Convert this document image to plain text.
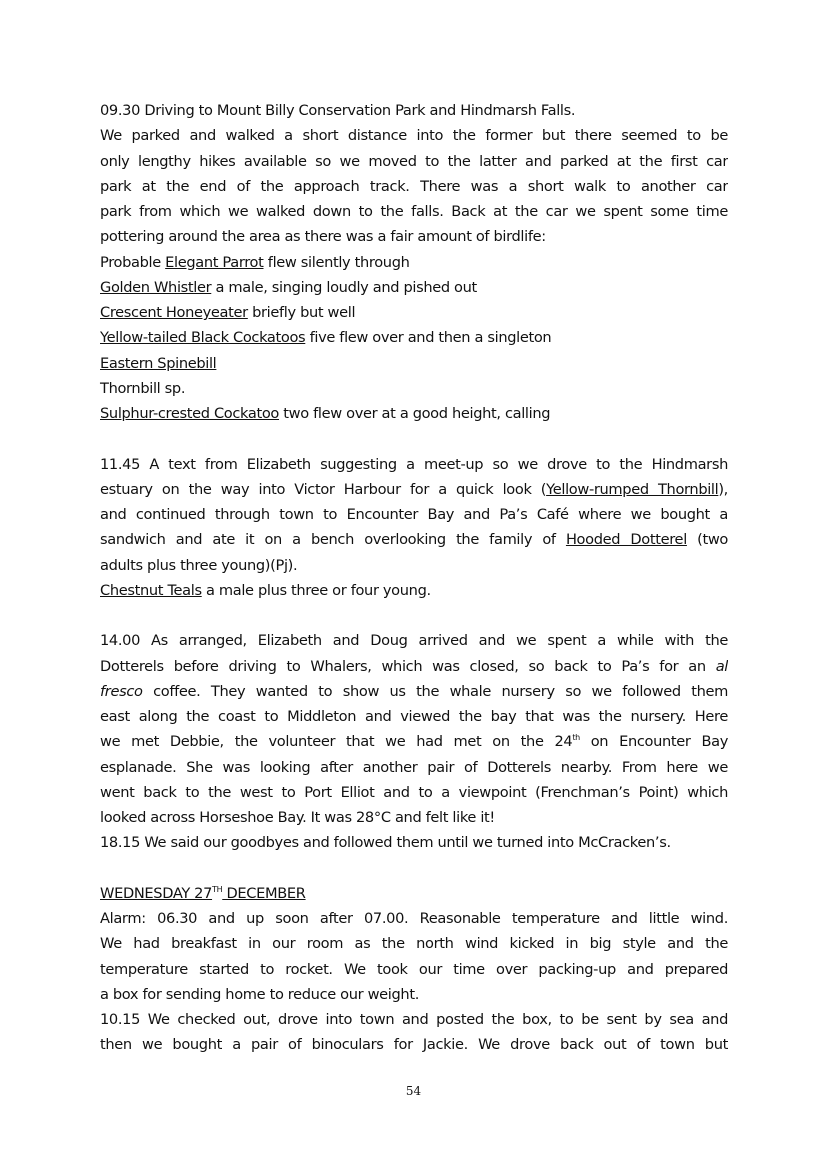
09.30 Driving to Mount Billy Conservation Park and Hindmarsh Falls.
We parked and walked a short distance into the former but there seemed to be
only lengthy hikes available so we moved to the latter and parked at the first car
park at the end of the approach track. There was a short walk to another car
park from which we walked down to the falls. Back at the car we spent some time
pottering around the area as there was a fair amount of birdlife:
Probable Elegant Parrot flew silently through
Golden Whistler a male, singing loudly and pished out
Crescent Honeyeater briefly but well
Yellow-tailed Black Cockatoos five flew over and then a singleton
Eastern Spinebill
Thornbill sp.
Sulphur-crested Cockatoo two flew over at a good height, calling
11.45 A text from Elizabeth suggesting a meet-up so we drove to the Hindmarsh
estuary on the way into Victor Harbour for a quick look (Yellow-rumped Thornbill),
and continued through town to Encounter Bay and Pa’s Café where we bought a
sandwich and ate it on a bench overlooking the family of Hooded Dotterel (two
adults plus three young)(Pj).
Chestnut Teals a male plus three or four young.
14.00 As arranged, Elizabeth and Doug arrived and we spent a while with the
Dotterels before driving to Whalers, which was closed, so back to Pa’s for an al
fresco coffee. They wanted to show us the whale nursery so we followed them
east along the coast to Middleton and viewed the bay that was the nursery. Here
we met Debbie, the volunteer that we had met on the 24th on Encounter Bay
esplanade. She was looking after another pair of Dotterels nearby. From here we
went back to the west to Port Elliot and to a viewpoint (Frenchman’s Point) which
looked across Horseshoe Bay. It was 28°C and felt like it!
18.15 We said our goodbyes and followed them until we turned into McCracken’s.
WEDNESDAY 27TH DECEMBER
Alarm: 06.30 and up soon after 07.00. Reasonable temperature and little wind.
We had breakfast in our room as the north wind kicked in big style and the
temperature started to rocket. We took our time over packing-up and prepared
a box for sending home to reduce our weight.
10.15 We checked out, drove into town and posted the box, to be sent by sea and
then we bought a pair of binoculars for Jackie. We drove back out of town but
54
